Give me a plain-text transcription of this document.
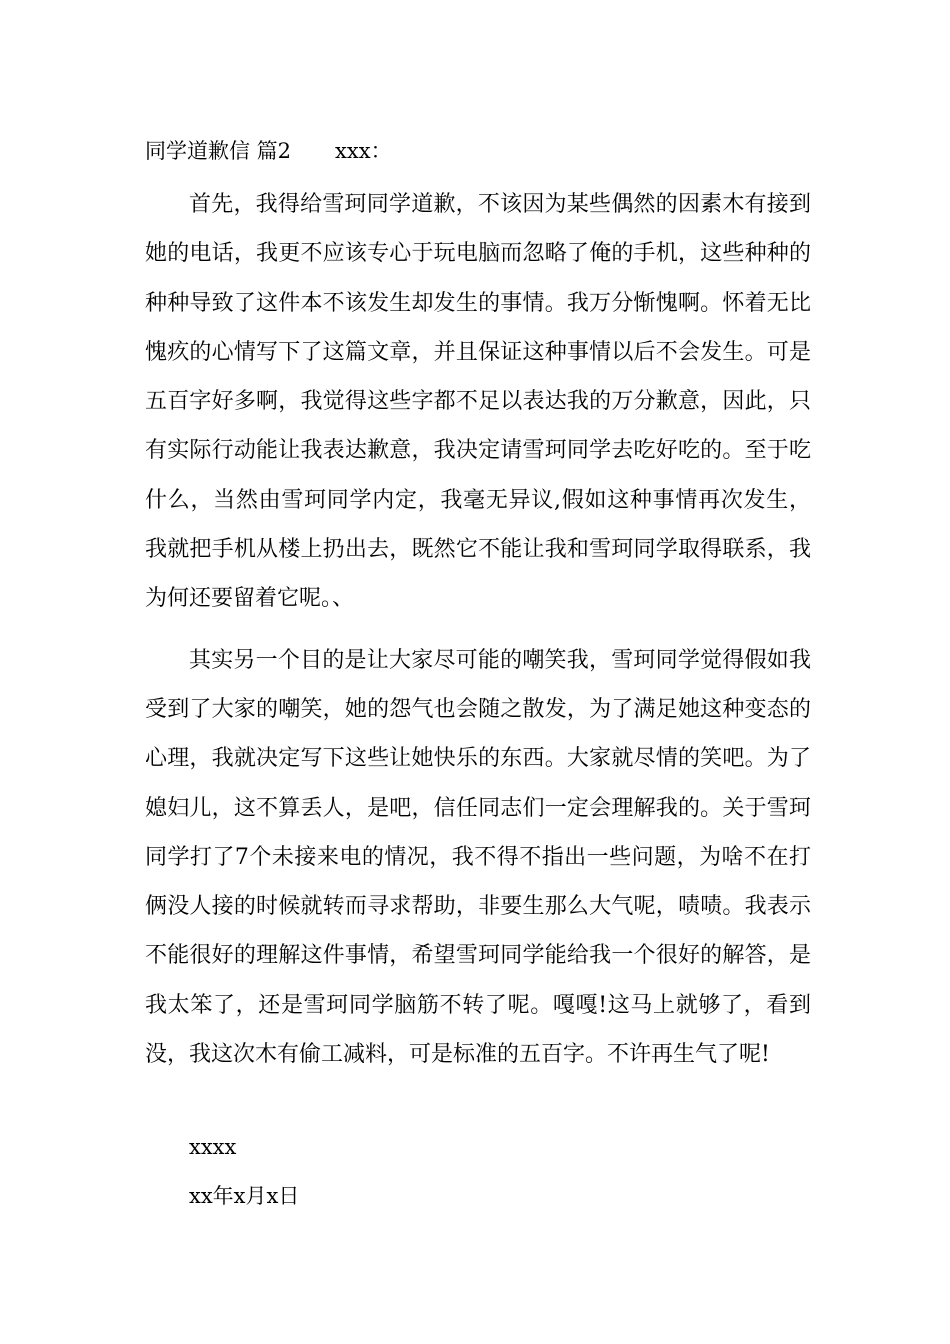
同学道歉信 篇2 xxx：

首先，我得给雪珂同学道歉，不该因为某些偶然的因素木有接到她的电话，我更不应该专心于玩电脑而忽略了俺的手机，这些种种的种种导致了这件本不该发生却发生的事情。我万分惭愧啊。怀着无比愧疚的心情写下了这篇文章，并且保证这种事情以后不会发生。可是五百字好多啊，我觉得这些字都不足以表达我的万分歉意，因此，只有实际行动能让我表达歉意，我决定请雪珂同学去吃好吃的。至于吃什么，当然由雪珂同学内定，我毫无异议,假如这种事情再次发生，我就把手机从楼上扔出去，既然它不能让我和雪珂同学取得联系，我为何还要留着它呢。、

其实另一个目的是让大家尽可能的嘲笑我，雪珂同学觉得假如我受到了大家的嘲笑，她的怨气也会随之散发，为了满足她这种变态的心理，我就决定写下这些让她快乐的东西。大家就尽情的笑吧。为了媳妇儿，这不算丢人，是吧，信任同志们一定会理解我的。关于雪珂同学打了7个未接来电的情况，我不得不指出一些问题，为啥不在打俩没人接的时候就转而寻求帮助，非要生那么大气呢，啧啧。我表示不能很好的理解这件事情，希望雪珂同学能给我一个很好的解答，是我太笨了，还是雪珂同学脑筋不转了呢。嘎嘎!这马上就够了，看到没，我这次木有偷工减料，可是标准的五百字。不许再生气了呢!

xxxx
xx年x月x日
